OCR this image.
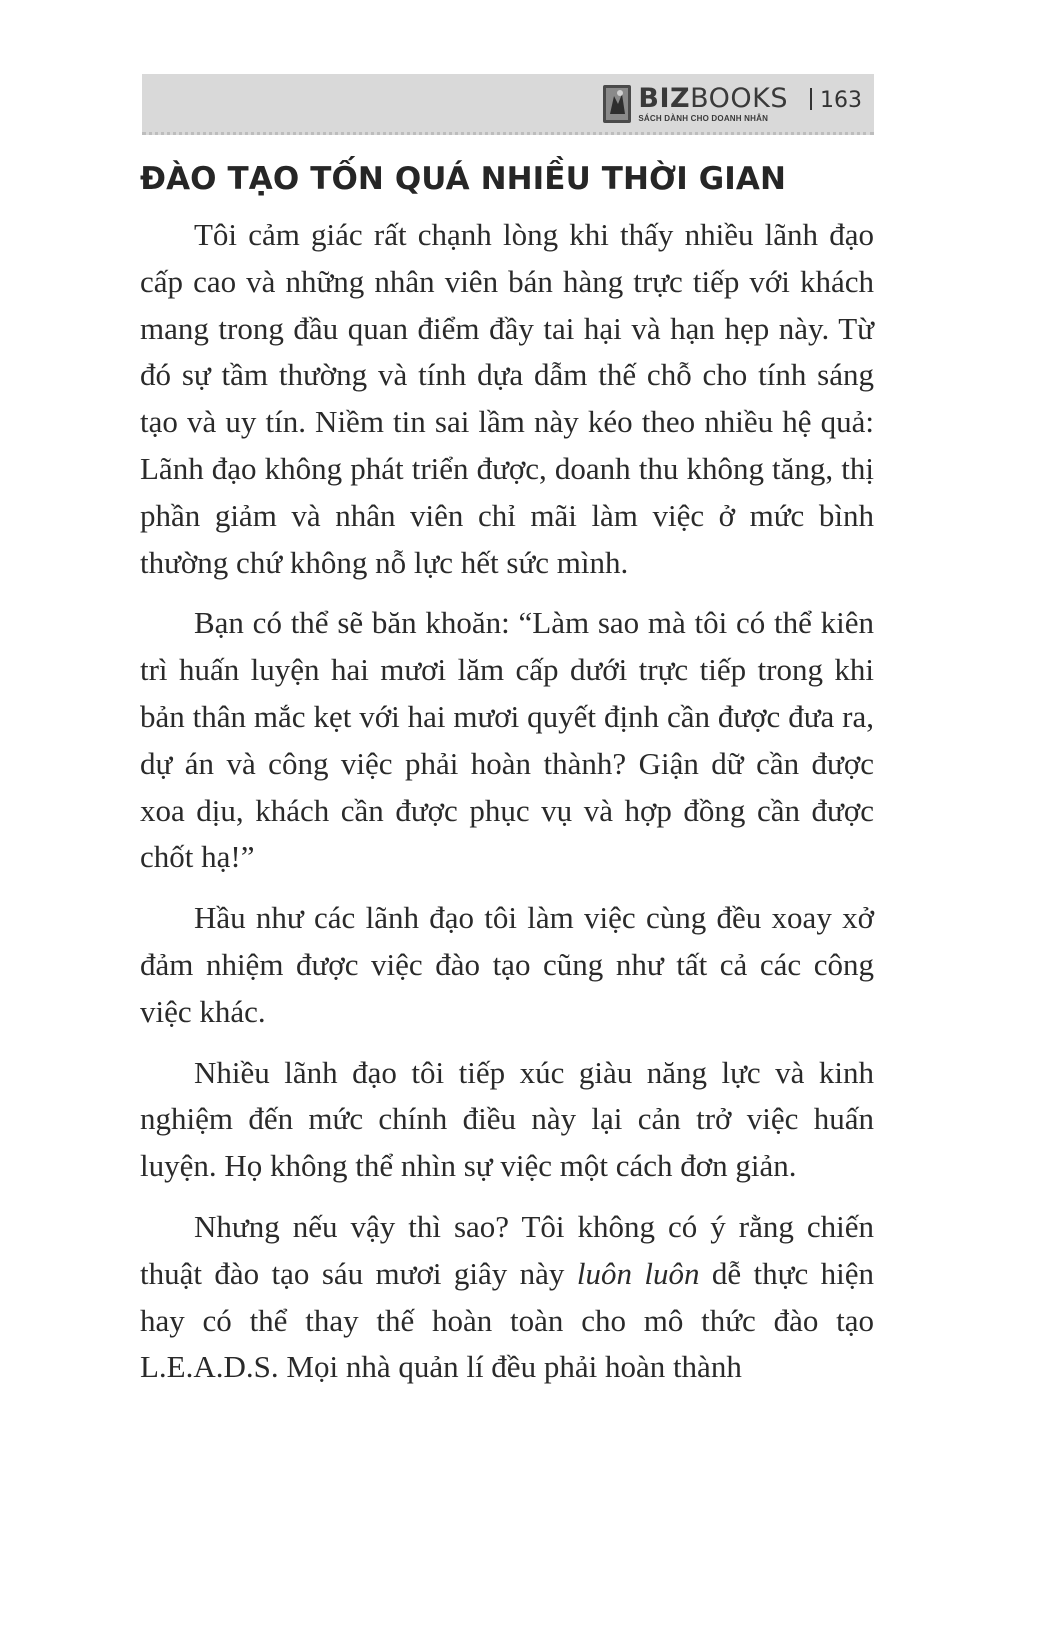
BIZBOOKS
SÁCH DÀNH CHO DOANH NHÂN
163
ĐÀO TẠO TỐN QUÁ NHIỀU THỜI GIAN

Tôi cảm giác rất chạnh lòng khi thấy nhiều lãnh đạo cấp cao và những nhân viên bán hàng trực tiếp với khách mang trong đầu quan điểm đầy tai hại và hạn hẹp này. Từ đó sự tầm thường và tính dựa dẫm thế chỗ cho tính sáng tạo và uy tín. Niềm tin sai lầm này kéo theo nhiều hệ quả: Lãnh đạo không phát triển được, doanh thu không tăng, thị phần giảm và nhân viên chỉ mãi làm việc ở mức bình thường chứ không nỗ lực hết sức mình.

Bạn có thể sẽ băn khoăn: “Làm sao mà tôi có thể kiên trì huấn luyện hai mươi lăm cấp dưới trực tiếp trong khi bản thân mắc kẹt với hai mươi quyết định cần được đưa ra, dự án và công việc phải hoàn thành? Giận dữ cần được xoa dịu, khách cần được phục vụ và hợp đồng cần được chốt hạ!”

Hầu như các lãnh đạo tôi làm việc cùng đều xoay xở đảm nhiệm được việc đào tạo cũng như tất cả các công việc khác.

Nhiều lãnh đạo tôi tiếp xúc giàu năng lực và kinh nghiệm đến mức chính điều này lại cản trở việc huấn luyện. Họ không thể nhìn sự việc một cách đơn giản.

Nhưng nếu vậy thì sao? Tôi không có ý rằng chiến thuật đào tạo sáu mươi giây này luôn luôn dễ thực hiện hay có thể thay thế hoàn toàn cho mô thức đào tạo L.E.A.D.S. Mọi nhà quản lí đều phải hoàn thành
